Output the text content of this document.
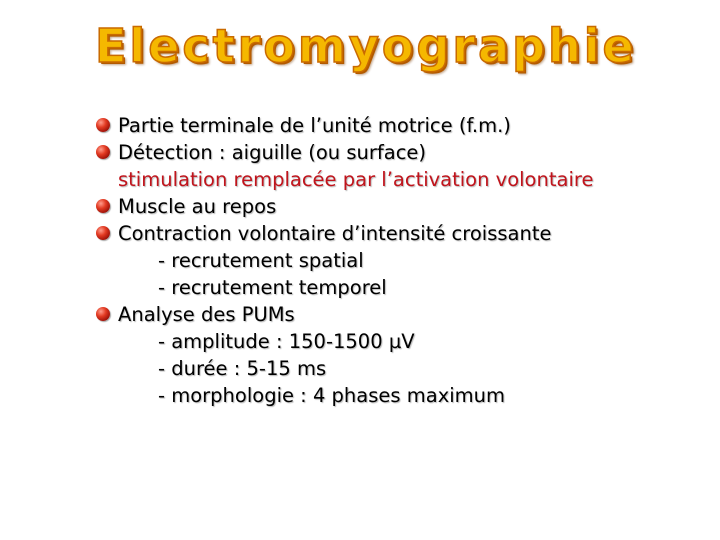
Electromyographie
Partie terminale de l’unité motrice (f.m.)
Détection : aiguille (ou surface)
stimulation remplacée par l’activation volontaire
Muscle au repos
Contraction volontaire d’intensité croissante
- recrutement spatial
- recrutement temporel
Analyse des PUMs
- amplitude : 150-1500 µV
- durée : 5-15 ms
- morphologie : 4 phases maximum
